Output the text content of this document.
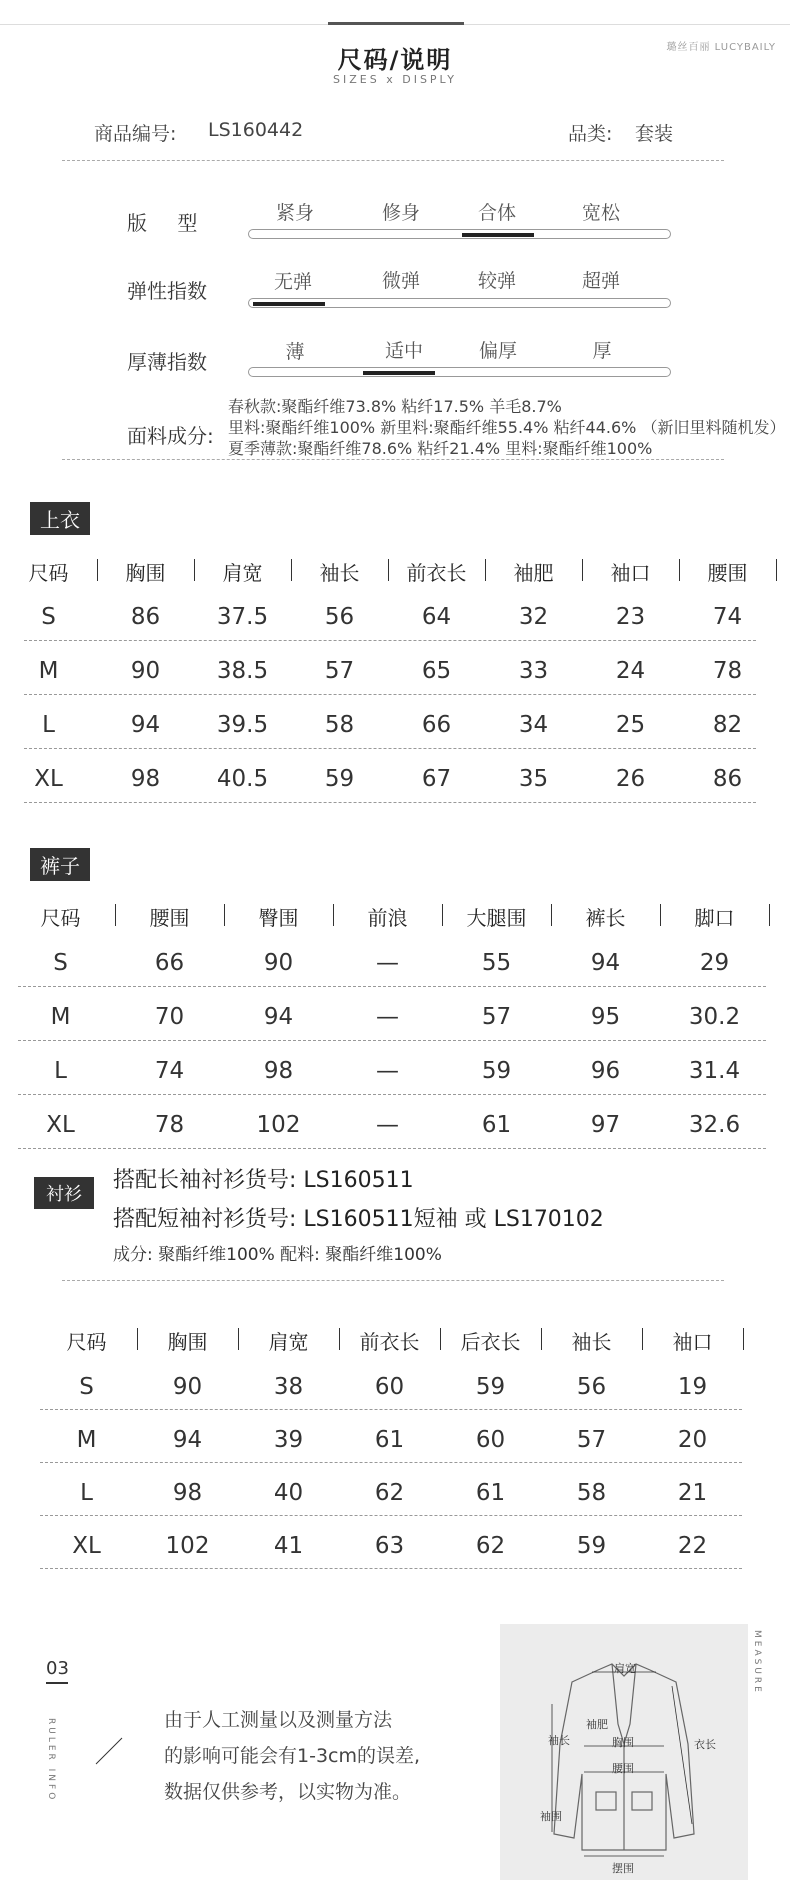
尺码/说明
SIZES x DISPLY
璐丝百丽 LUCYBAILY
商品编号: LS160442	品类: 套装
版 型	紧身	修身	合体	宽松
弹性指数	无弹	微弹	较弹	超弹
厚薄指数	薄	适中	偏厚	厚
面料成分:
春秋款:聚酯纤维73.8% 粘纤17.5% 羊毛8.7%
里料:聚酯纤维100% 新里料:聚酯纤维55.4% 粘纤44.6% （新旧里料随机发）
夏季薄款:聚酯纤维78.6% 粘纤21.4% 里料:聚酯纤维100%
上衣
尺码	胸围	肩宽	袖长	前衣长	袖肥	袖口	腰围
S	86	37.5	56	64	32	23	74
M	90	38.5	57	65	33	24	78
L	94	39.5	58	66	34	25	82
XL	98	40.5	59	67	35	26	86
裤子
尺码	腰围	臀围	前浪	大腿围	裤长	脚口
S	66	90	—	55	94	29
M	70	94	—	57	95	30.2
L	74	98	—	59	96	31.4
XL	78	102	—	61	97	32.6
衬衫
搭配长袖衬衫货号: LS160511
搭配短袖衬衫货号: LS160511短袖 或 LS170102
成分: 聚酯纤维100% 配料: 聚酯纤维100%
尺码	胸围	肩宽	前衣长	后衣长	袖长	袖口
S	90	38	60	59	56	19
M	94	39	61	60	57	20
L	98	40	62	61	58	21
XL	102	41	63	62	59	22
03
RULER INFO	由于人工测量以及测量方法
的影响可能会有1-3cm的误差,
数据仅供参考，以实物为准。
肩宽
袖肥
胸围
腰围
袖长	衣长
袖围
摆围
MEASURE
